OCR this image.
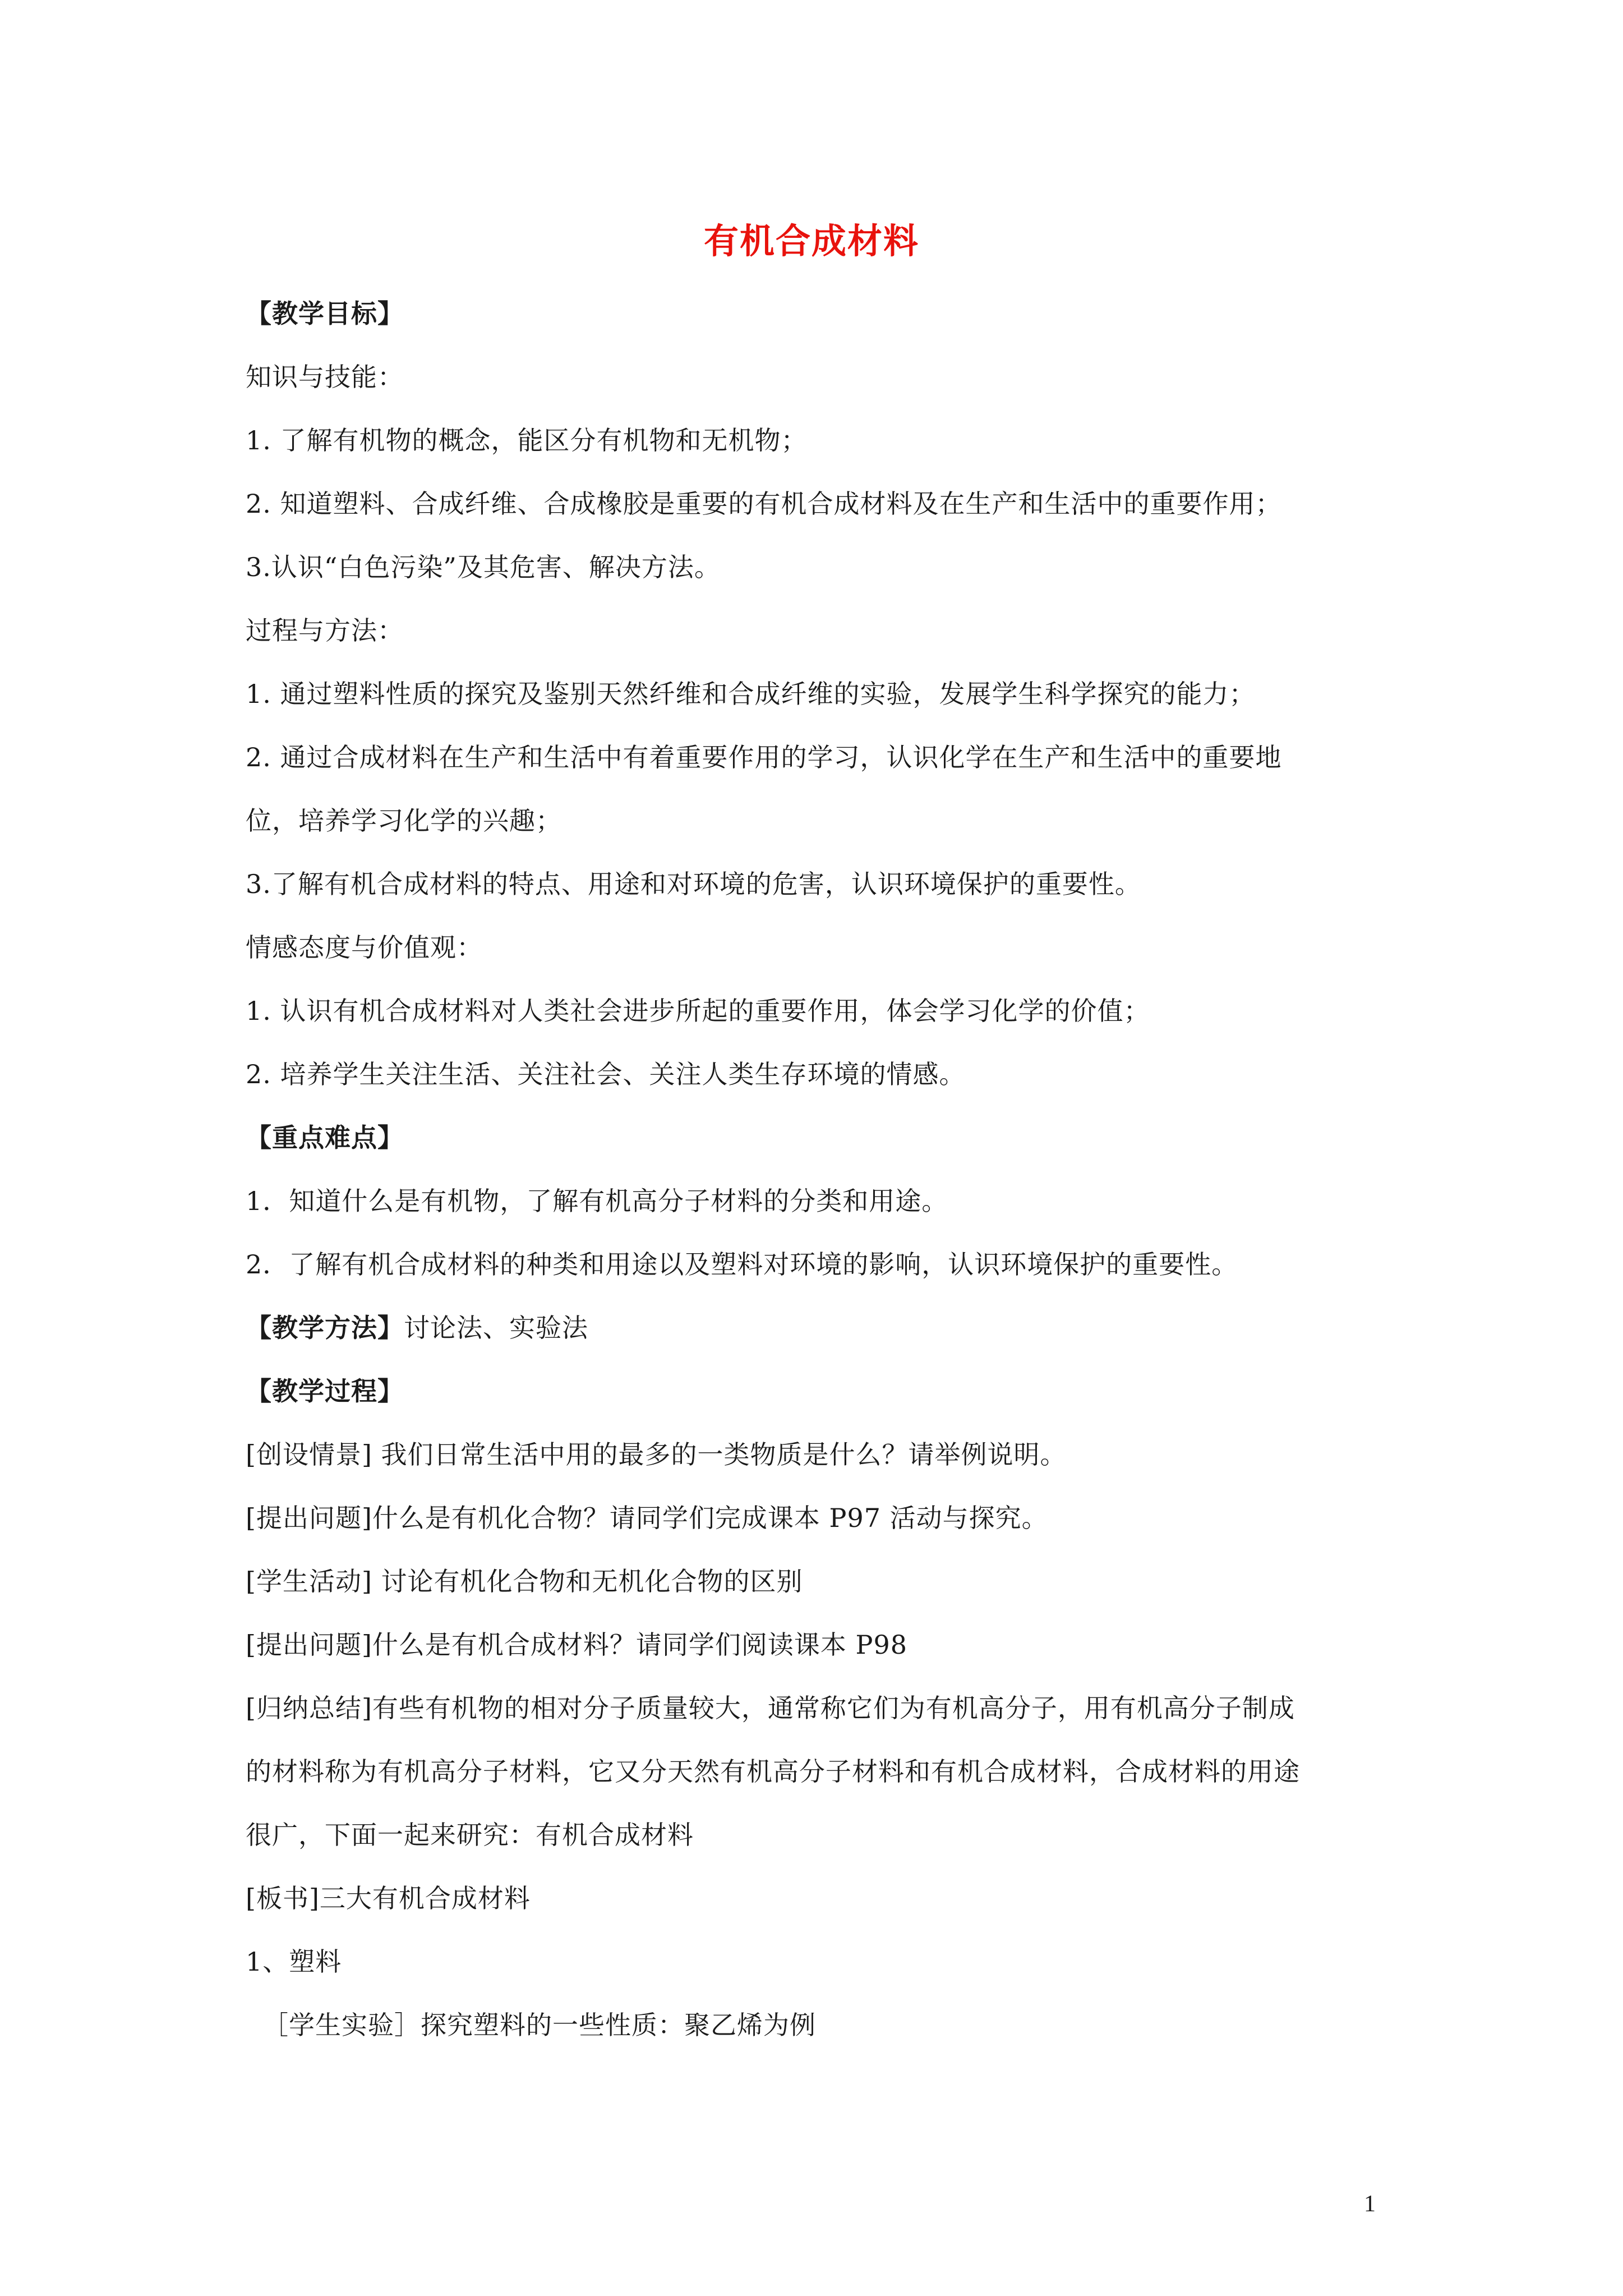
有机合成材料
【教学目标】
知识与技能：
1. 了解有机物的概念，能区分有机物和无机物；
2. 知道塑料、合成纤维、合成橡胶是重要的有机合成材料及在生产和生活中的重要作用；
3.认识“白色污染”及其危害、解决方法。
过程与方法：
1. 通过塑料性质的探究及鉴别天然纤维和合成纤维的实验，发展学生科学探究的能力；
2. 通过合成材料在生产和生活中有着重要作用的学习，认识化学在生产和生活中的重要地
位，培养学习化学的兴趣；
3.了解有机合成材料的特点、用途和对环境的危害，认识环境保护的重要性。
情感态度与价值观：
1. 认识有机合成材料对人类社会进步所起的重要作用，体会学习化学的价值；
2. 培养学生关注生活、关注社会、关注人类生存环境的情感。
【重点难点】
1．知道什么是有机物，了解有机高分子材料的分类和用途。
2．了解有机合成材料的种类和用途以及塑料对环境的影响，认识环境保护的重要性。
【教学方法】讨论法、实验法
【教学过程】
[创设情景] 我们日常生活中用的最多的一类物质是什么？请举例说明。
[提出问题]什么是有机化合物？请同学们完成课本 P97 活动与探究。
[学生活动] 讨论有机化合物和无机化合物的区别
[提出问题]什么是有机合成材料？请同学们阅读课本 P98
[归纳总结]有些有机物的相对分子质量较大，通常称它们为有机高分子，用有机高分子制成
的材料称为有机高分子材料，它又分天然有机高分子材料和有机合成材料，合成材料的用途
很广，下面一起来研究：有机合成材料
[板书]三大有机合成材料
1、塑料
［学生实验］探究塑料的一些性质：聚乙烯为例
1
